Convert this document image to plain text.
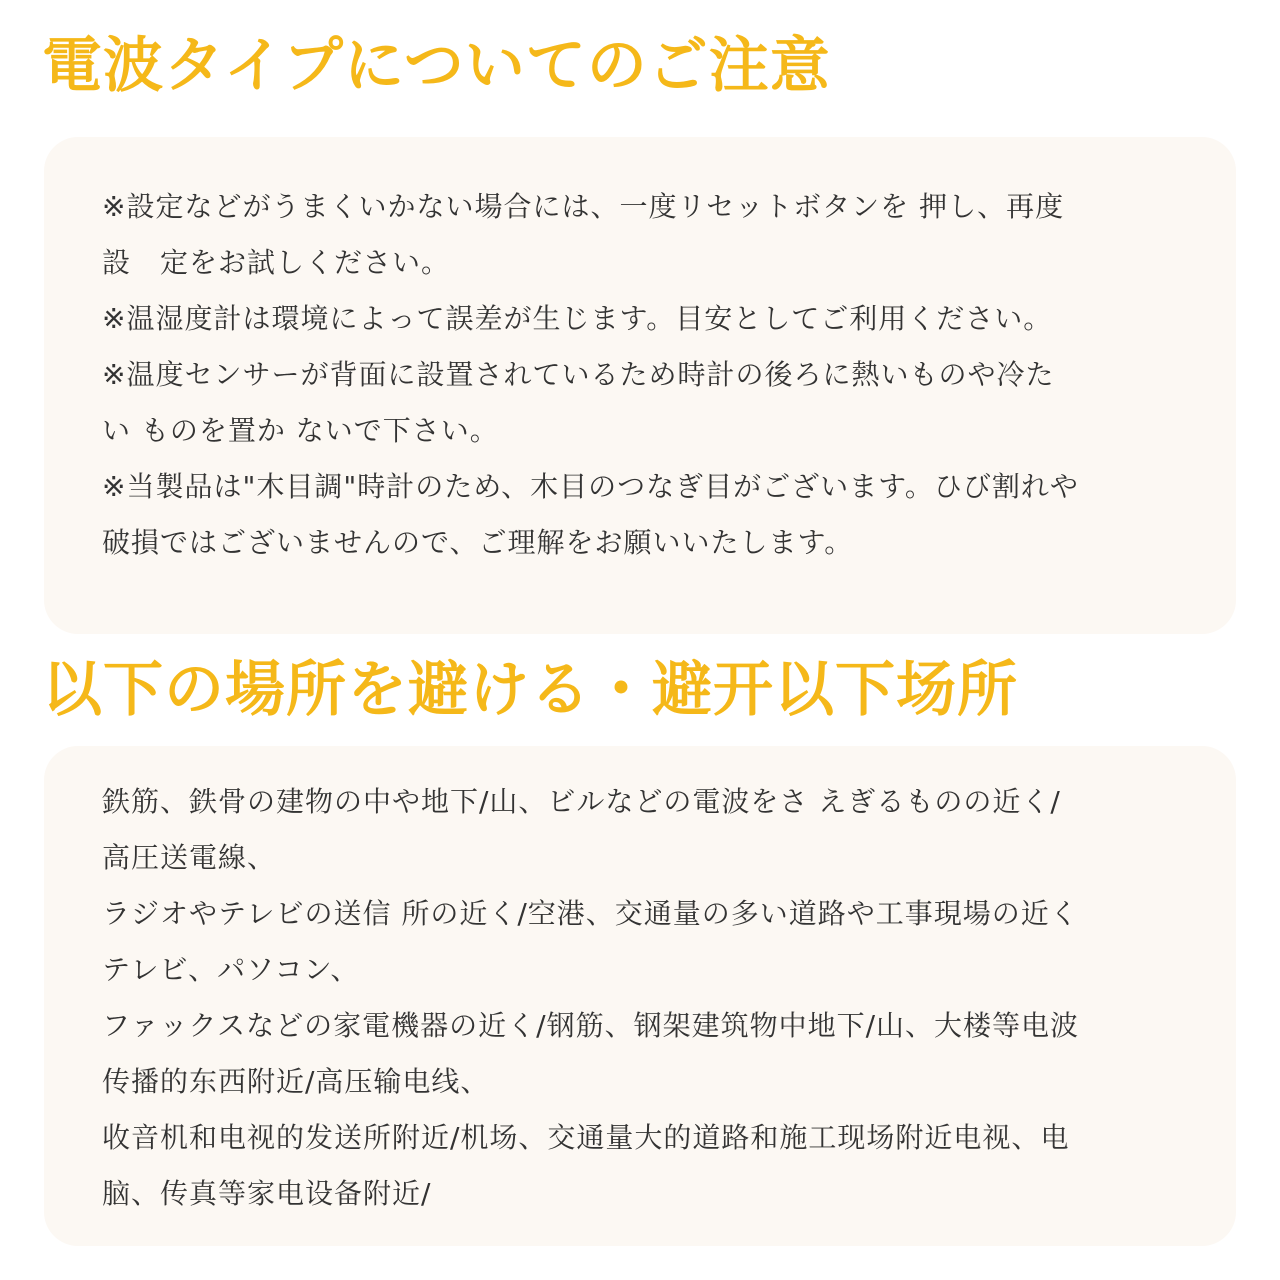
電波タイプについてのご注意
※設定などがうまくいかない場合には、一度リセットボタンを 押し、再度
設　定をお試しください。
※温湿度計は環境によって誤差が生じます。目安としてご利用ください。
※温度センサーが背面に設置されているため時計の後ろに熱いものや冷た
い ものを置か ないで下さい。
※当製品は"木目調"時計のため、木目のつなぎ目がございます。ひび割れや
破損ではございませんので、ご理解をお願いいたします。
以下の場所を避ける・避开以下场所
鉄筋、鉄骨の建物の中や地下/山、ビルなどの電波をさ えぎるものの近く/
高圧送電線、
ラジオやテレビの送信 所の近く/空港、交通量の多い道路や工事現場の近く
テレビ、パソコン、
ファックスなどの家電機器の近く/钢筋、钢架建筑物中地下/山、大楼等电波
传播的东西附近/高压输电线、
收音机和电视的发送所附近/机场、交通量大的道路和施工现场附近电视、电
脑、传真等家电设备附近/
